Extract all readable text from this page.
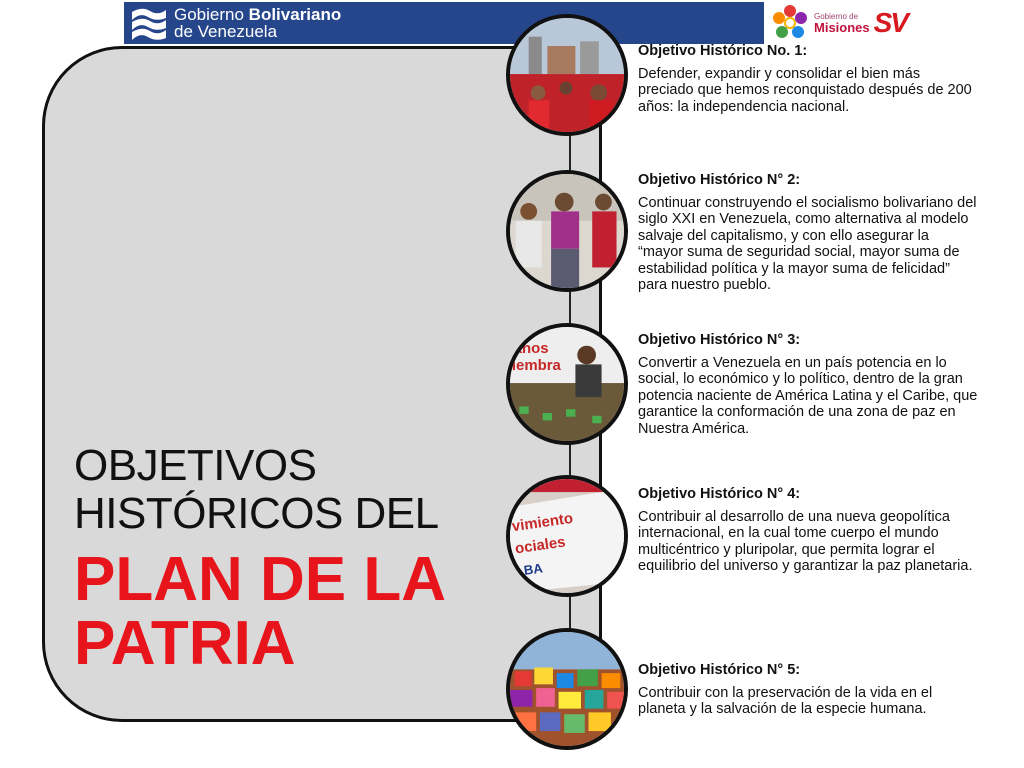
Gobierno Bolivariano
de Venezuela
Gobierno de
Misiones SV
OBJETIVOS
HISTÓRICOS DEL
PLAN DE LA
PATRIA
anos
iembra
vimiento
ociales
BA
Objetivo Histórico No. 1:
Defender, expandir y consolidar el bien más preciado que hemos reconquistado después de 200 años: la independencia nacional.
Objetivo Histórico N° 2:
Continuar construyendo el socialismo bolivariano del siglo XXI en Venezuela, como alternativa al modelo salvaje del capitalismo, y con ello asegurar la “mayor suma de seguridad social, mayor suma de estabilidad política y la mayor suma de felicidad” para nuestro pueblo.
Objetivo Histórico N° 3:
Convertir a Venezuela en un país potencia en lo social, lo económico y lo político, dentro de la gran potencia naciente de América Latina y el Caribe, que garantice la conformación de una zona de paz en Nuestra América.
Objetivo Histórico N° 4:
Contribuir al desarrollo de una nueva geopolítica internacional, en la cual tome cuerpo el mundo multicéntrico y pluripolar, que permita lograr el equilibrio del universo y garantizar la paz planetaria.
Objetivo Histórico N° 5:
Contribuir con la preservación de la vida en el planeta y la salvación de la especie humana.
